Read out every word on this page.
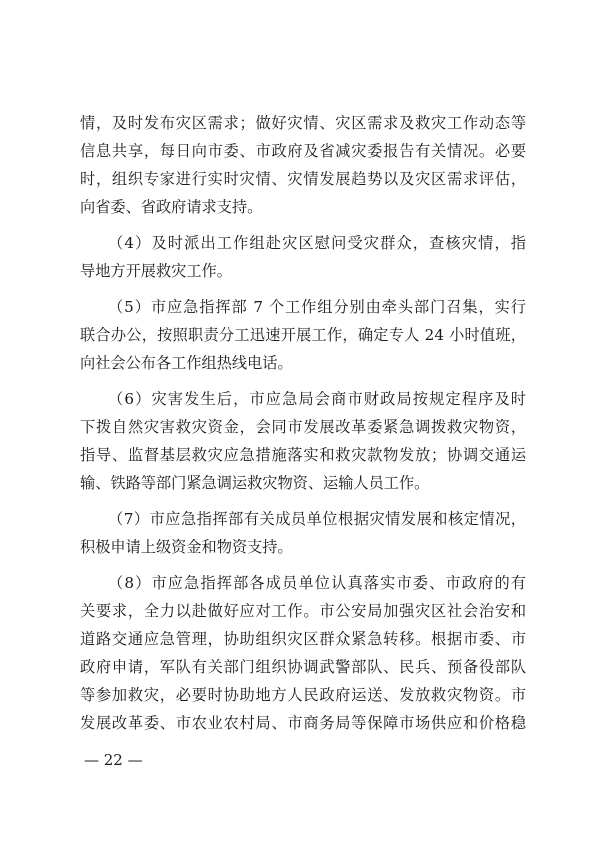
情，及时发布灾区需求；做好灾情、灾区需求及救灾工作动态等
信息共享，每日向市委、市政府及省减灾委报告有关情况。必要
时，组织专家进行实时灾情、灾情发展趋势以及灾区需求评估，
向省委、省政府请求支持。
（4）及时派出工作组赴灾区慰问受灾群众，查核灾情，指
导地方开展救灾工作。
（5）市应急指挥部 7 个工作组分别由牵头部门召集，实行
联合办公，按照职责分工迅速开展工作，确定专人 24 小时值班，
向社会公布各工作组热线电话。
（6）灾害发生后，市应急局会商市财政局按规定程序及时
下拨自然灾害救灾资金，会同市发展改革委紧急调拨救灾物资，
指导、监督基层救灾应急措施落实和救灾款物发放；协调交通运
输、铁路等部门紧急调运救灾物资、运输人员工作。
（7）市应急指挥部有关成员单位根据灾情发展和核定情况，
积极申请上级资金和物资支持。
（8）市应急指挥部各成员单位认真落实市委、市政府的有
关要求，全力以赴做好应对工作。市公安局加强灾区社会治安和
道路交通应急管理，协助组织灾区群众紧急转移。根据市委、市
政府申请，军队有关部门组织协调武警部队、民兵、预备役部队
等参加救灾，必要时协助地方人民政府运送、发放救灾物资。市
发展改革委、市农业农村局、市商务局等保障市场供应和价格稳
— 22 —
